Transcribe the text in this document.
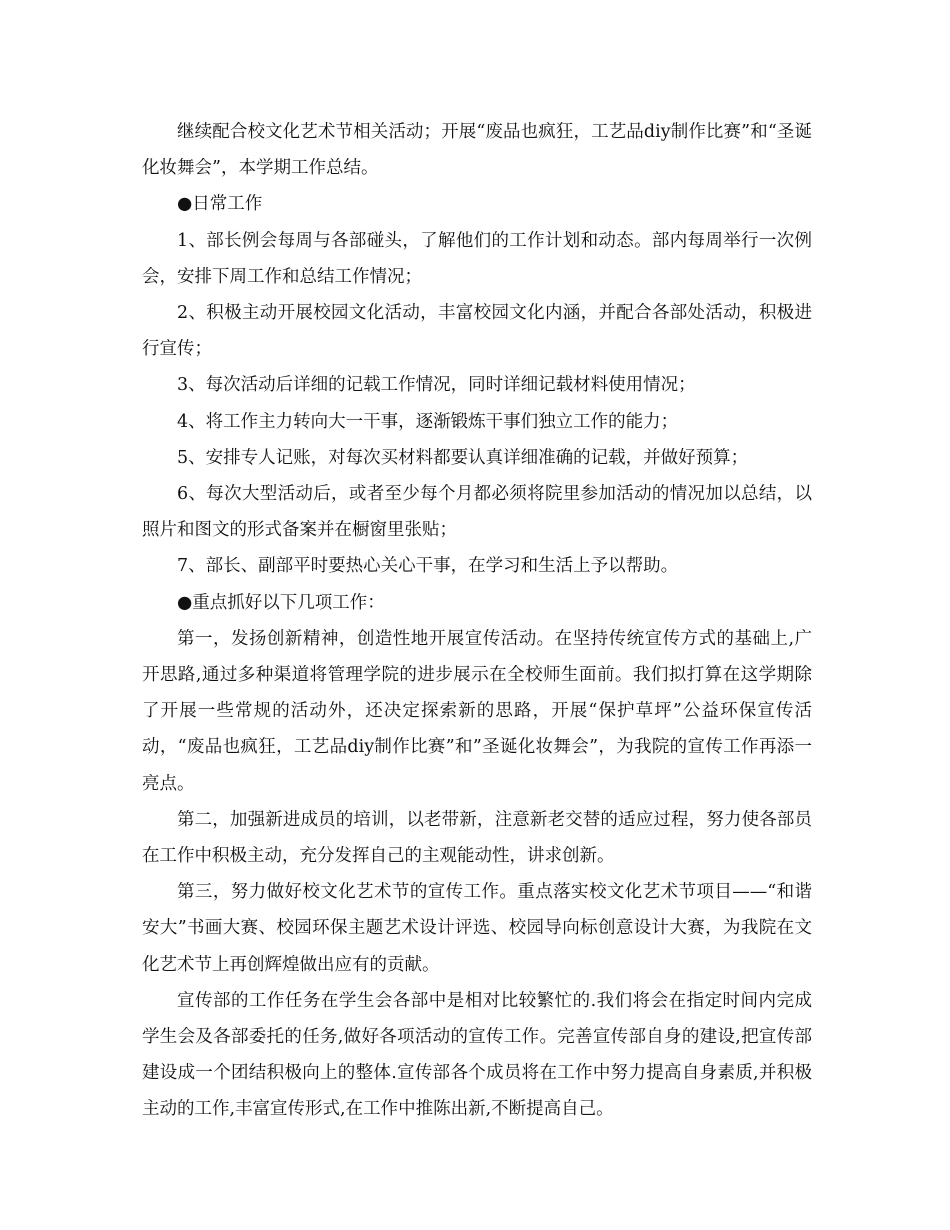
继续配合校文化艺术节相关活动；开展“废品也疯狂，工艺品diy制作比赛”和“圣诞化妆舞会”，本学期工作总结。

●日常工作

1、部长例会每周与各部碰头，了解他们的工作计划和动态。部内每周举行一次例会，安排下周工作和总结工作情况；

2、积极主动开展校园文化活动，丰富校园文化内涵，并配合各部处活动，积极进行宣传；

3、每次活动后详细的记载工作情况，同时详细记载材料使用情况；

4、将工作主力转向大一干事，逐渐锻炼干事们独立工作的能力；

5、安排专人记账，对每次买材料都要认真详细准确的记载，并做好预算；

6、每次大型活动后，或者至少每个月都必须将院里参加活动的情况加以总结，以照片和图文的形式备案并在橱窗里张贴；

7、部长、副部平时要热心关心干事，在学习和生活上予以帮助。

●重点抓好以下几项工作：

第一，发扬创新精神，创造性地开展宣传活动。在坚持传统宣传方式的基础上,广开思路,通过多种渠道将管理学院的进步展示在全校师生面前。我们拟打算在这学期除了开展一些常规的活动外，还决定探索新的思路，开展“保护草坪”公益环保宣传活动，“废品也疯狂，工艺品diy制作比赛”和”圣诞化妆舞会”，为我院的宣传工作再添一亮点。

第二，加强新进成员的培训，以老带新，注意新老交替的适应过程，努力使各部员在工作中积极主动，充分发挥自己的主观能动性，讲求创新。

第三，努力做好校文化艺术节的宣传工作。重点落实校文化艺术节项目——“和谐安大”书画大赛、校园环保主题艺术设计评选、校园导向标创意设计大赛，为我院在文化艺术节上再创辉煌做出应有的贡献。

宣传部的工作任务在学生会各部中是相对比较繁忙的.我们将会在指定时间内完成学生会及各部委托的任务,做好各项活动的宣传工作。完善宣传部自身的建设,把宣传部建设成一个团结积极向上的整体.宣传部各个成员将在工作中努力提高自身素质,并积极主动的工作,丰富宣传形式,在工作中推陈出新,不断提高自己。
